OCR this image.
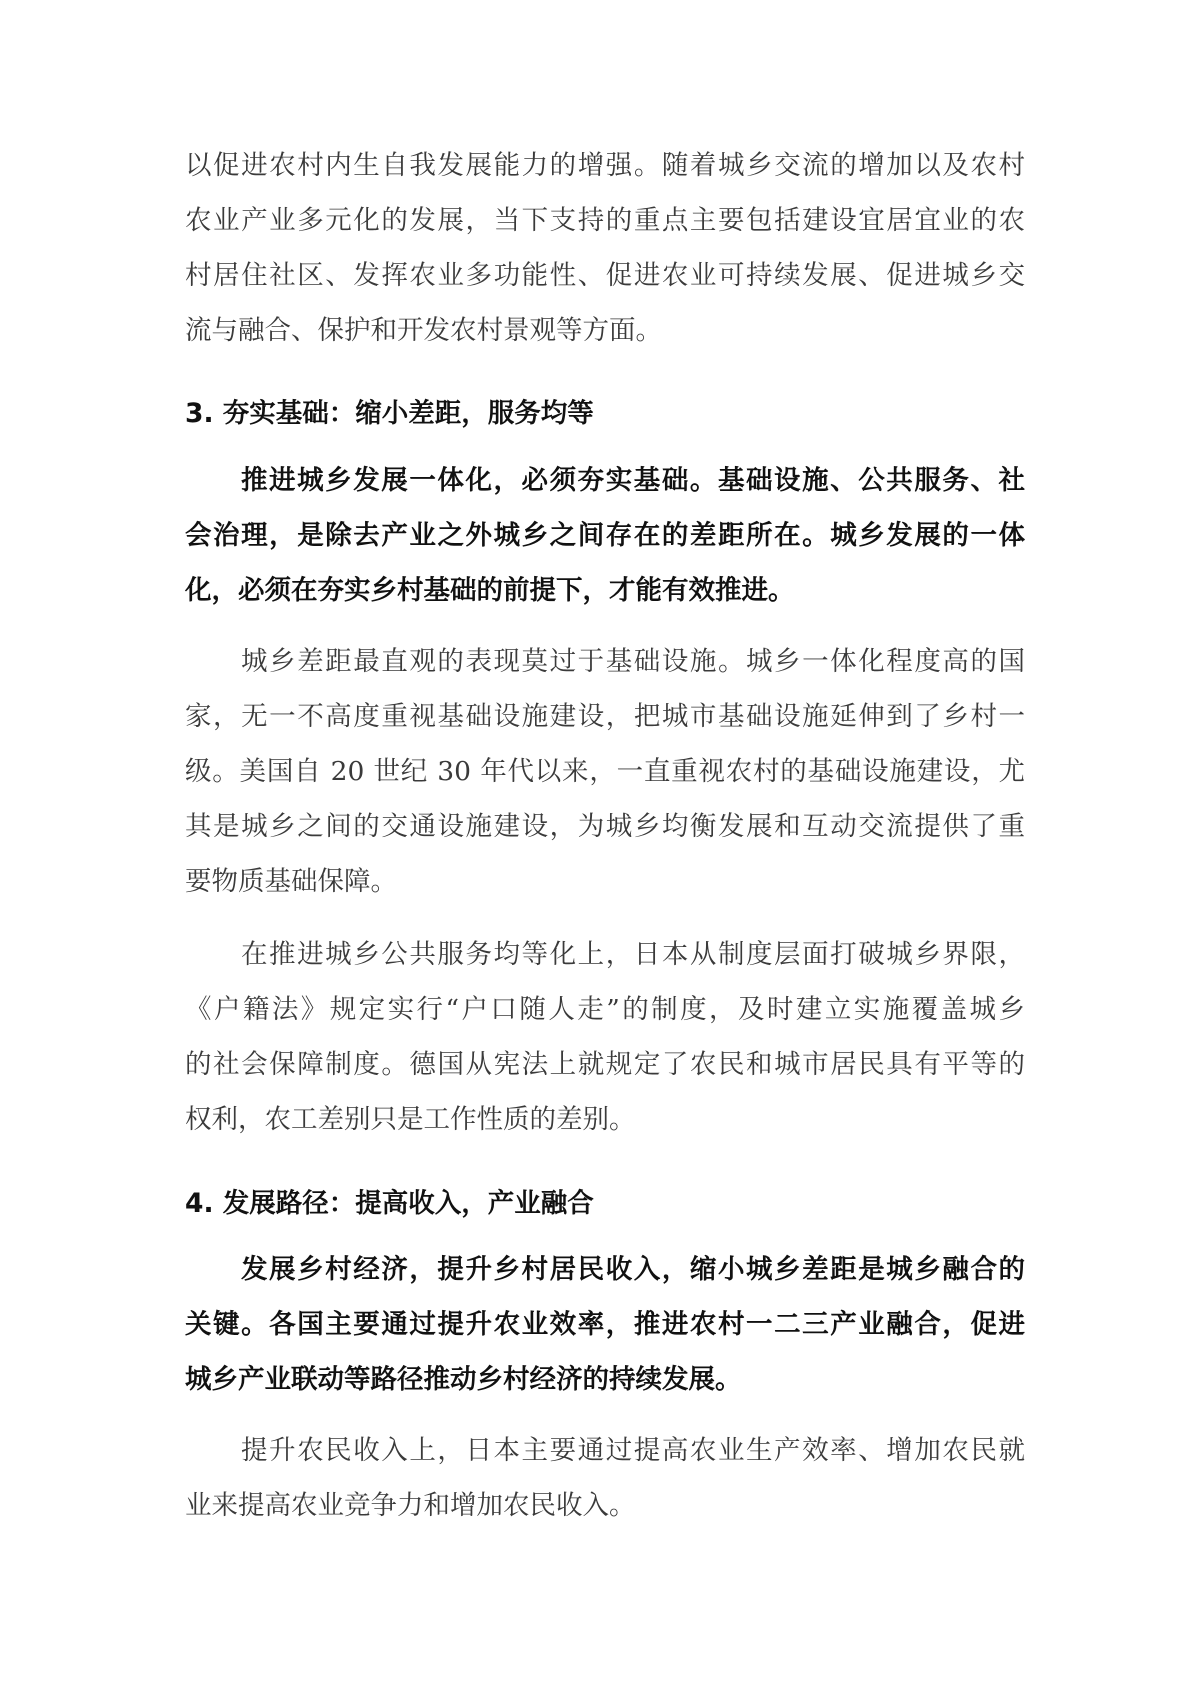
以促进农村内生自我发展能力的增强。随着城乡交流的增加以及农村
农业产业多元化的发展，当下支持的重点主要包括建设宜居宜业的农
村居住社区、发挥农业多功能性、促进农业可持续发展、促进城乡交
流与融合、保护和开发农村景观等方面。
3. 夯实基础：缩小差距，服务均等
推进城乡发展一体化，必须夯实基础。基础设施、公共服务、社
会治理，是除去产业之外城乡之间存在的差距所在。城乡发展的一体
化，必须在夯实乡村基础的前提下，才能有效推进。
城乡差距最直观的表现莫过于基础设施。城乡一体化程度高的国
家，无一不高度重视基础设施建设，把城市基础设施延伸到了乡村一
级。美国自 20 世纪 30 年代以来，一直重视农村的基础设施建设，尤
其是城乡之间的交通设施建设，为城乡均衡发展和互动交流提供了重
要物质基础保障。
在推进城乡公共服务均等化上，日本从制度层面打破城乡界限，
《户籍法》规定实行“户口随人走”的制度，及时建立实施覆盖城乡
的社会保障制度。德国从宪法上就规定了农民和城市居民具有平等的
权利，农工差别只是工作性质的差别。
4. 发展路径：提高收入，产业融合
发展乡村经济，提升乡村居民收入，缩小城乡差距是城乡融合的
关键。各国主要通过提升农业效率，推进农村一二三产业融合，促进
城乡产业联动等路径推动乡村经济的持续发展。
提升农民收入上，日本主要通过提高农业生产效率、增加农民就
业来提高农业竞争力和增加农民收入。
